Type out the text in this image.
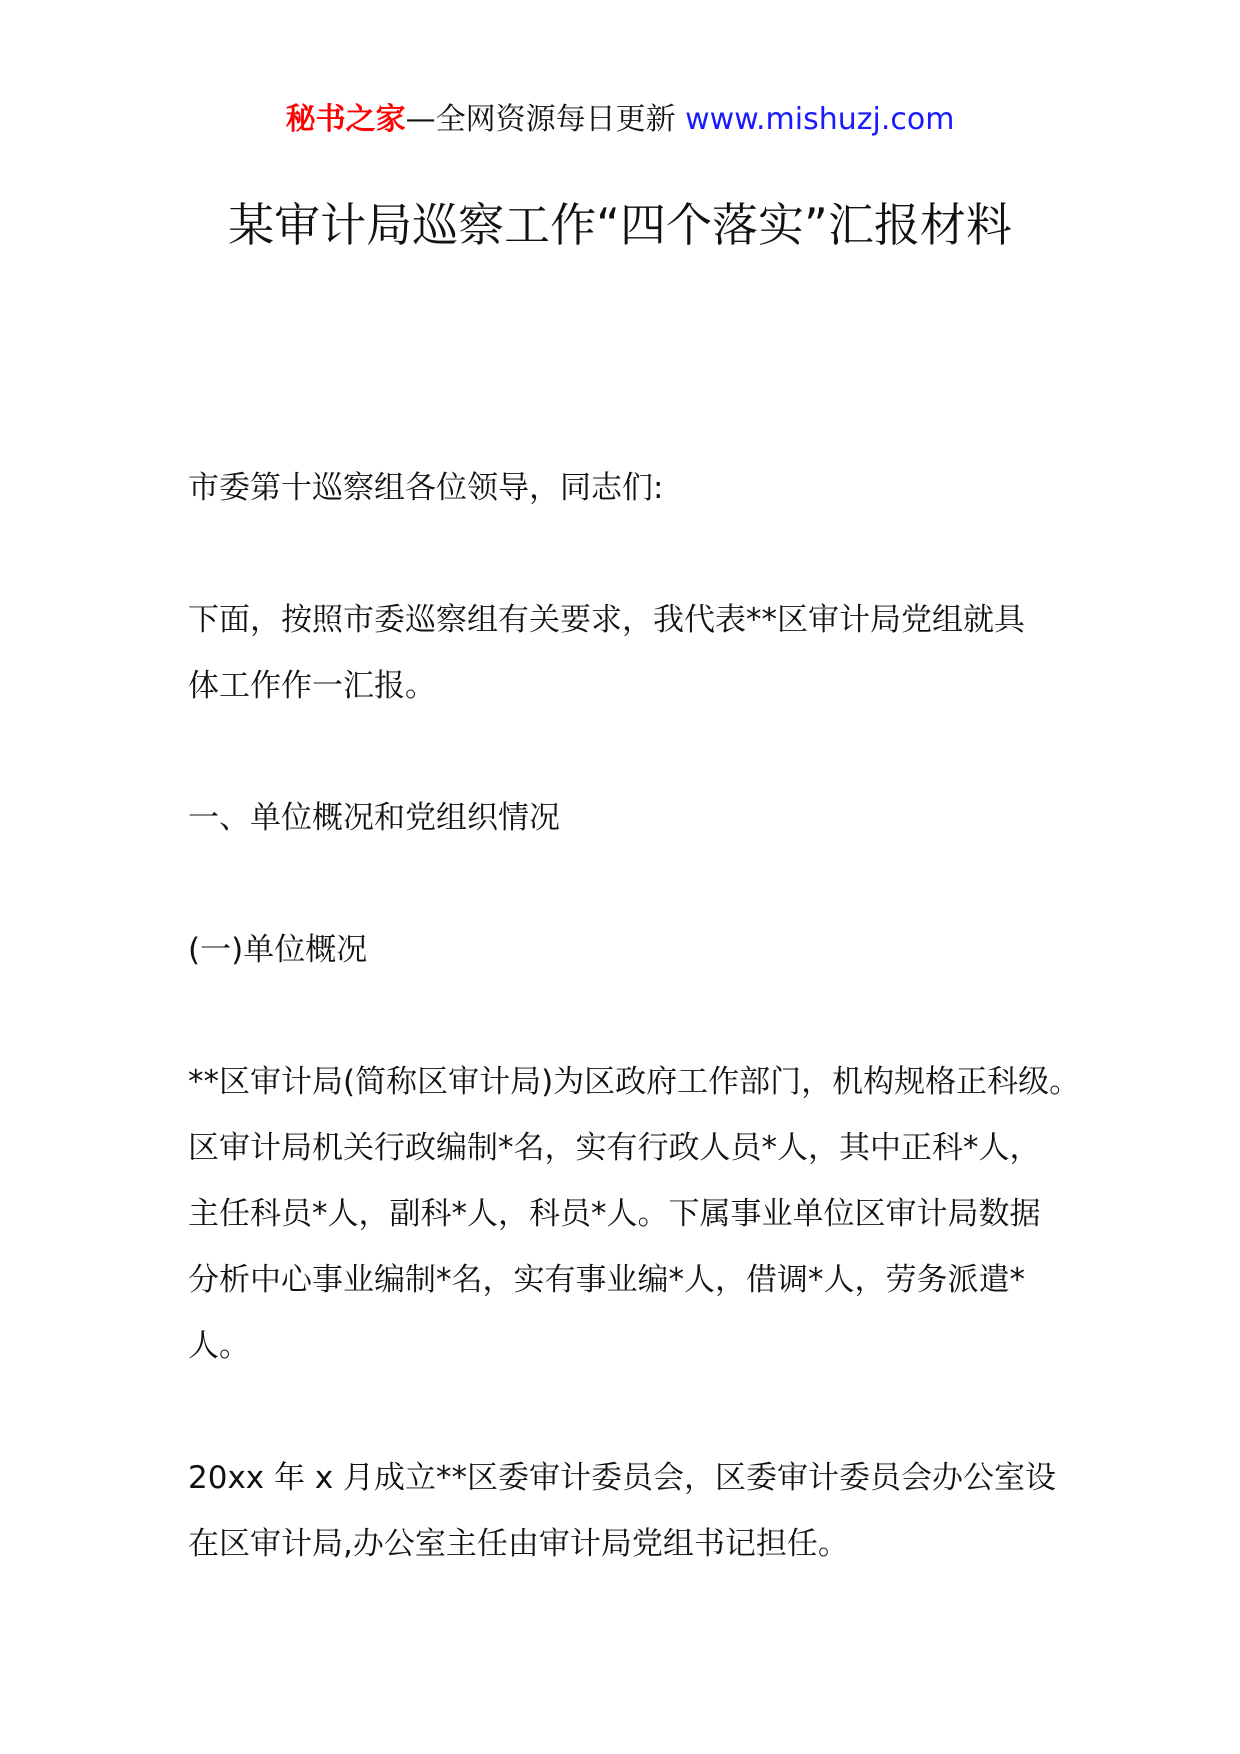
秘书之家—全网资源每日更新 www.mishuzj.com
某审计局巡察工作“四个落实”汇报材料

市委第十巡察组各位领导，同志们:

下面，按照市委巡察组有关要求，我代表**区审计局党组就具
体工作作一汇报。

一、单位概况和党组织情况

(一)单位概况

**区审计局(简称区审计局)为区政府工作部门，机构规格正科级。
区审计局机关行政编制*名，实有行政人员*人，其中正科*人，
主任科员*人，副科*人，科员*人。下属事业单位区审计局数据
分析中心事业编制*名，实有事业编*人，借调*人，劳务派遣*
人。

20xx 年 x 月成立**区委审计委员会，区委审计委员会办公室设
在区审计局,办公室主任由审计局党组书记担任。
